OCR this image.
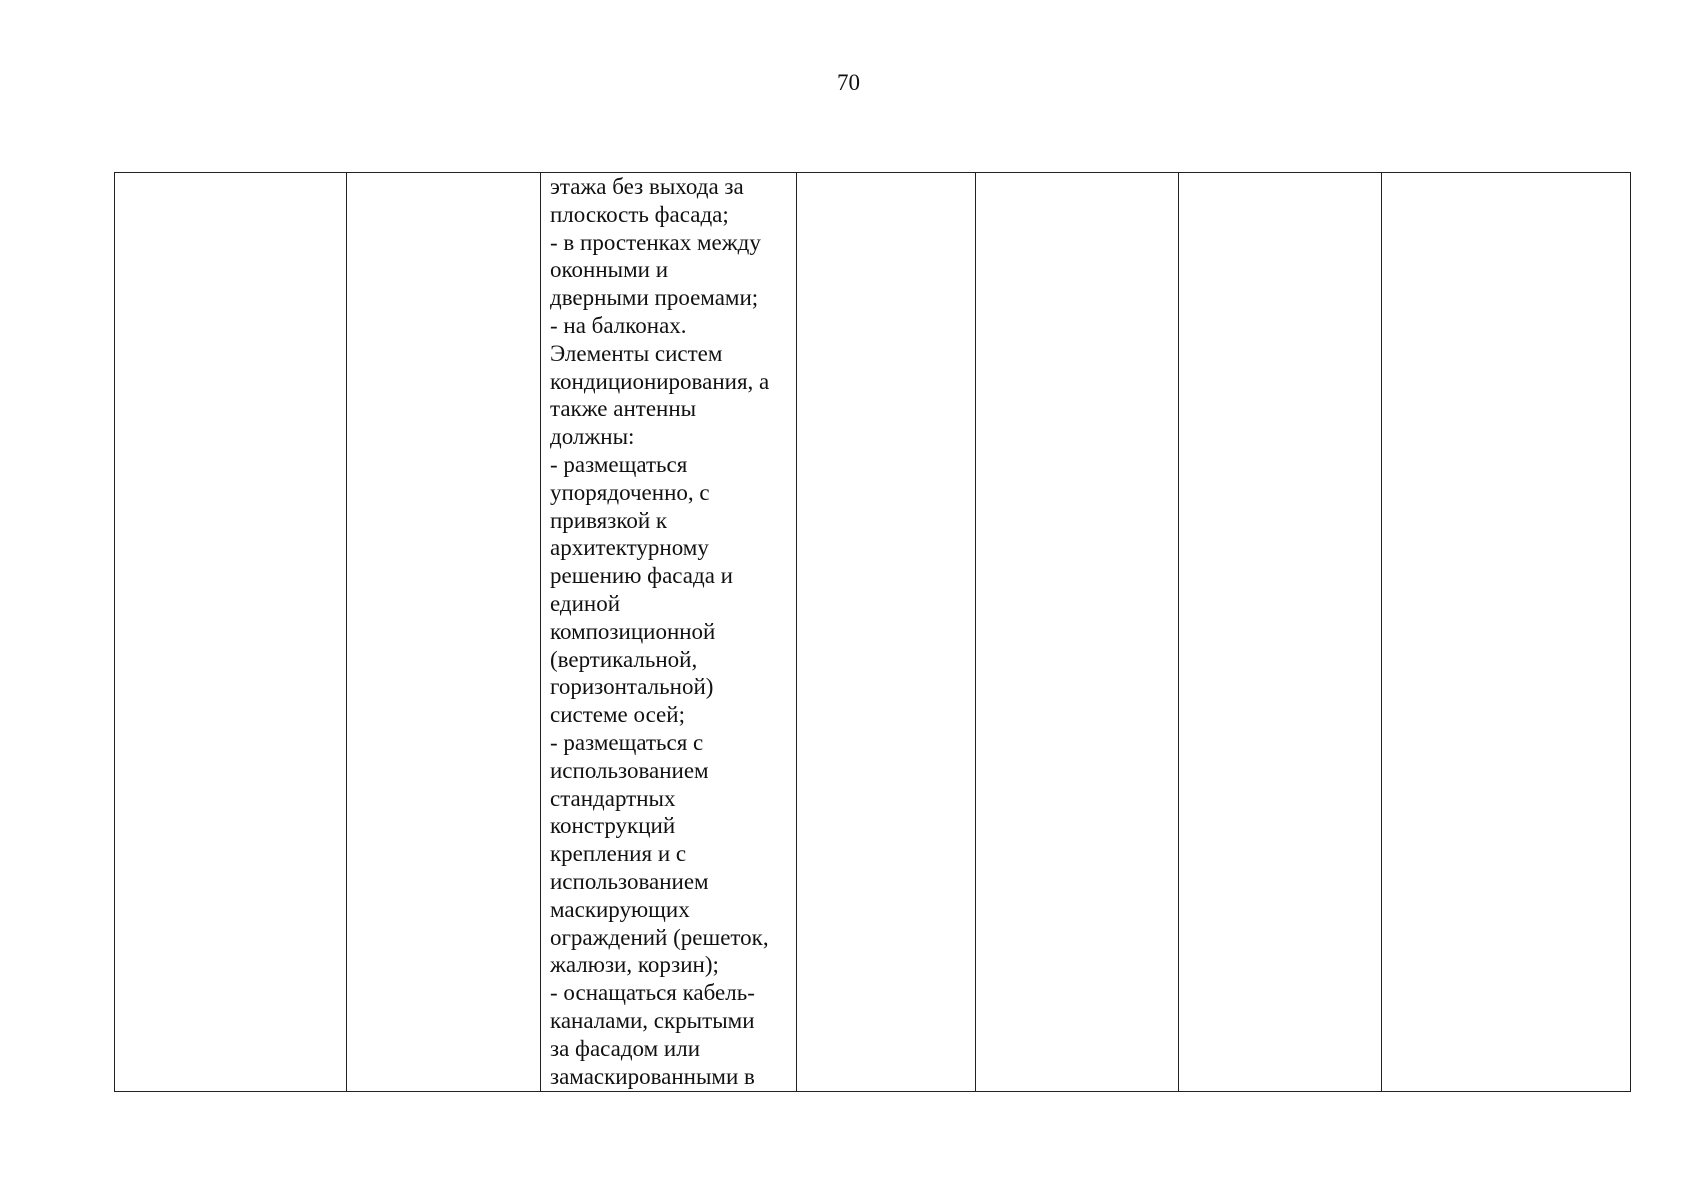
70

этажа без выхода за
плоскость фасада;
- в простенках между
оконными и
дверными проемами;
- на балконах.
Элементы систем
кондиционирования, а
также антенны
должны:
- размещаться
упорядоченно, с
привязкой к
архитектурному
решению фасада и
единой
композиционной
(вертикальной,
горизонтальной)
системе осей;
- размещаться с
использованием
стандартных
конструкций
крепления и с
использованием
маскирующих
ограждений (решеток,
жалюзи, корзин);
- оснащаться кабель-
каналами, скрытыми
за фасадом или
замаскированными в
